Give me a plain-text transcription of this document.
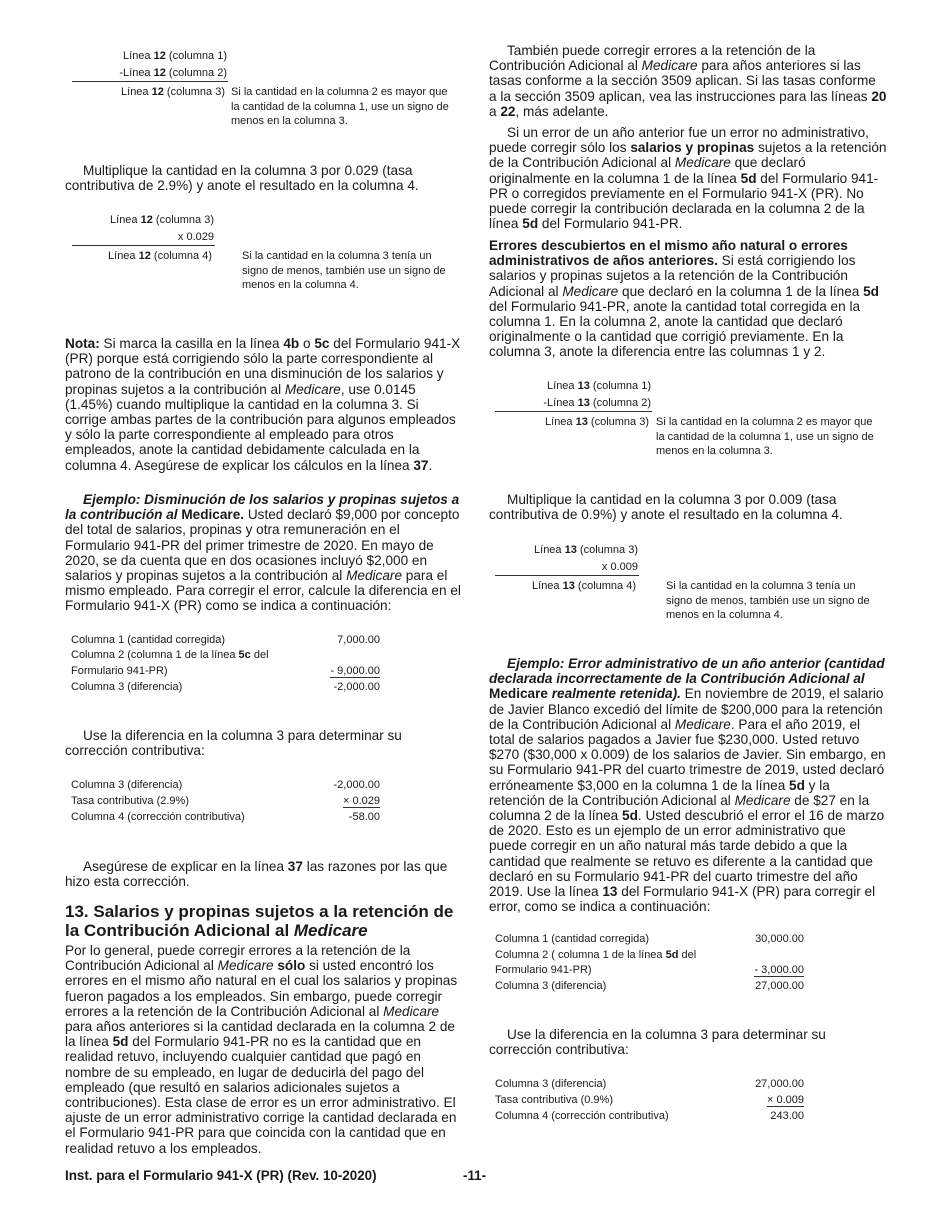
Línea 12 (columna 1)
-Línea 12 (columna 2)
Línea 12 (columna 3) Si la cantidad en la columna 2 es mayor que la cantidad de la columna 1, use un signo de menos en la columna 3.
Multiplique la cantidad en la columna 3 por 0.029 (tasa contributiva de 2.9%) y anote el resultado en la columna 4.
Línea 12 (columna 3)
x 0.029
Línea 12 (columna 4)	Si la cantidad en la columna 3 tenía un signo de menos, también use un signo de menos en la columna 4.
Nota: Si marca la casilla en la línea 4b o 5c del Formulario 941-X (PR) porque está corrigiendo sólo la parte correspondiente al patrono de la contribución en una disminución de los salarios y propinas sujetos a la contribución al Medicare, use 0.0145 (1.45%) cuando multiplique la cantidad en la columna 3. Si corrige ambas partes de la contribución para algunos empleados y sólo la parte correspondiente al empleado para otros empleados, anote la cantidad debidamente calculada en la columna 4. Asegúrese de explicar los cálculos en la línea 37.
Ejemplo: Disminución de los salarios y propinas sujetos a la contribución al Medicare. Usted declaró $9,000 por concepto del total de salarios, propinas y otra remuneración en el Formulario 941-PR del primer trimestre de 2020. En mayo de 2020, se da cuenta que en dos ocasiones incluyó $2,000 en salarios y propinas sujetos a la contribución al Medicare para el mismo empleado. Para corregir el error, calcule la diferencia en el Formulario 941-X (PR) como se indica a continuación:
Columna 1 (cantidad corregida)	7,000.00
Columna 2 (columna 1 de la línea 5c del
Formulario 941-PR)	- 9,000.00
Columna 3 (diferencia)	-2,000.00
Use la diferencia en la columna 3 para determinar su corrección contributiva:
Columna 3 (diferencia)	-2,000.00
Tasa contributiva (2.9%)	× 0.029
Columna 4 (corrección contributiva)	-58.00
Asegúrese de explicar en la línea 37 las razones por las que hizo esta corrección.
13. Salarios y propinas sujetos a la retención de la Contribución Adicional al Medicare
Por lo general, puede corregir errores a la retención de la Contribución Adicional al Medicare sólo si usted encontró los errores en el mismo año natural en el cual los salarios y propinas fueron pagados a los empleados. Sin embargo, puede corregir errores a la retención de la Contribución Adicional al Medicare para años anteriores si la cantidad declarada en la columna 2 de la línea 5d del Formulario 941-PR no es la cantidad que en realidad retuvo, incluyendo cualquier cantidad que pagó en nombre de su empleado, en lugar de deducirla del pago del empleado (que resultó en salarios adicionales sujetos a contribuciones). Esta clase de error es un error administrativo. El ajuste de un error administrativo corrige la cantidad declarada en el Formulario 941-PR para que coincida con la cantidad que en realidad retuvo a los empleados.
También puede corregir errores a la retención de la Contribución Adicional al Medicare para años anteriores si las tasas conforme a la sección 3509 aplican. Si las tasas conforme a la sección 3509 aplican, vea las instrucciones para las líneas 20 a 22, más adelante.
Si un error de un año anterior fue un error no administrativo, puede corregir sólo los salarios y propinas sujetos a la retención de la Contribución Adicional al Medicare que declaró originalmente en la columna 1 de la línea 5d del Formulario 941-PR o corregidos previamente en el Formulario 941-X (PR). No puede corregir la contribución declarada en la columna 2 de la línea 5d del Formulario 941-PR.
Errores descubiertos en el mismo año natural o errores administrativos de años anteriores. Si está corrigiendo los salarios y propinas sujetos a la retención de la Contribución Adicional al Medicare que declaró en la columna 1 de la línea 5d del Formulario 941-PR, anote la cantidad total corregida en la columna 1. En la columna 2, anote la cantidad que declaró originalmente o la cantidad que corrigió previamente. En la columna 3, anote la diferencia entre las columnas 1 y 2.
Línea 13 (columna 1)
-Línea 13 (columna 2)
Línea 13 (columna 3) Si la cantidad en la columna 2 es mayor que la cantidad de la columna 1, use un signo de menos en la columna 3.
Multiplique la cantidad en la columna 3 por 0.009 (tasa contributiva de 0.9%) y anote el resultado en la columna 4.
Línea 13 (columna 3)
x 0.009
Línea 13 (columna 4)	Si la cantidad en la columna 3 tenía un signo de menos, también use un signo de menos en la columna 4.
Ejemplo: Error administrativo de un año anterior (cantidad declarada incorrectamente de la Contribución Adicional al Medicare realmente retenida). En noviembre de 2019, el salario de Javier Blanco excedió del límite de $200,000 para la retención de la Contribución Adicional al Medicare. Para el año 2019, el total de salarios pagados a Javier fue $230,000. Usted retuvo $270 ($30,000 x 0.009) de los salarios de Javier. Sin embargo, en su Formulario 941-PR del cuarto trimestre de 2019, usted declaró erróneamente $3,000 en la columna 1 de la línea 5d y la retención de la Contribución Adicional al Medicare de $27 en la columna 2 de la línea 5d. Usted descubrió el error el 16 de marzo de 2020. Esto es un ejemplo de un error administrativo que puede corregir en un año natural más tarde debido a que la cantidad que realmente se retuvo es diferente a la cantidad que declaró en su Formulario 941-PR del cuarto trimestre del año 2019. Use la línea 13 del Formulario 941-X (PR) para corregir el error, como se indica a continuación:
Columna 1 (cantidad corregida)	30,000.00
Columna 2 ( columna 1 de la línea 5d del
Formulario 941-PR)	- 3,000.00
Columna 3 (diferencia)	27,000.00
Use la diferencia en la columna 3 para determinar su corrección contributiva:
Columna 3 (diferencia)	27,000.00
Tasa contributiva (0.9%)	× 0.009
Columna 4 (corrección contributiva)	243.00
Inst. para el Formulario 941-X (PR) (Rev. 10-2020)	-11-
